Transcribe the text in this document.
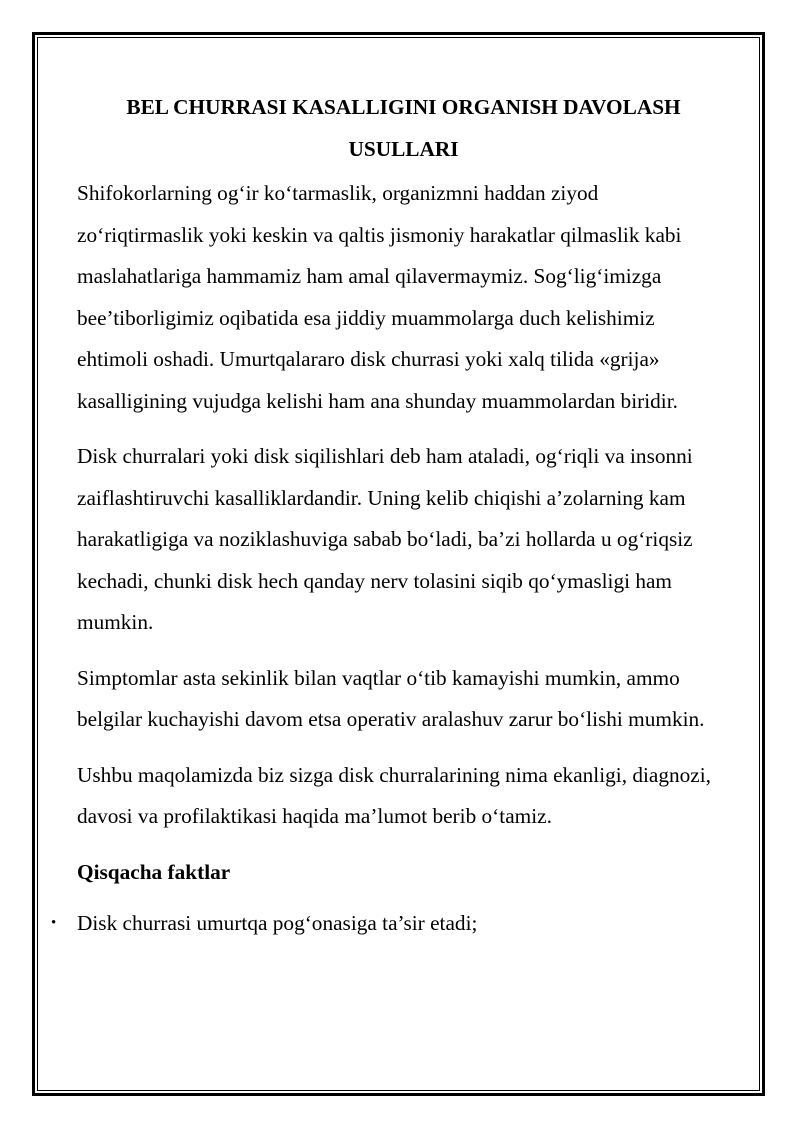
BEL CHURRASI KASALLIGINI ORGANISH DAVOLASH
USULLARI

Shifokorlarning og‘ir ko‘tarmaslik, organizmni haddan ziyod zo‘riqtirmaslik yoki keskin va qaltis jismoniy harakatlar qilmaslik kabi maslahatlariga hammamiz ham amal qilavermaymiz. Sog‘lig‘imizga bee’tiborligimiz oqibatida esa jiddiy muammolarga duch kelishimiz ehtimoli oshadi. Umurtqalararo disk churrasi yoki xalq tilida «grija» kasalligining vujudga kelishi ham ana shunday muammolardan biridir.

Disk churralari yoki disk siqilishlari deb ham ataladi, og‘riqli va insonni zaiflashtiruvchi kasalliklardandir. Uning kelib chiqishi a’zolarning kam harakatligiga va noziklashuviga sabab bo‘ladi, ba’zi hollarda u og‘riqsiz kechadi, chunki disk hech qanday nerv tolasini siqib qo‘ymasligi ham mumkin.

Simptomlar asta sekinlik bilan vaqtlar o‘tib kamayishi mumkin, ammo belgilar kuchayishi davom etsa operativ aralashuv zarur bo‘lishi mumkin.

Ushbu maqolamizda biz sizga disk churralarining nima ekanligi, diagnozi, davosi va profilaktikasi haqida ma’lumot berib o‘tamiz.

Qisqacha faktlar
• Disk churrasi umurtqa pog‘onasiga ta’sir etadi;
